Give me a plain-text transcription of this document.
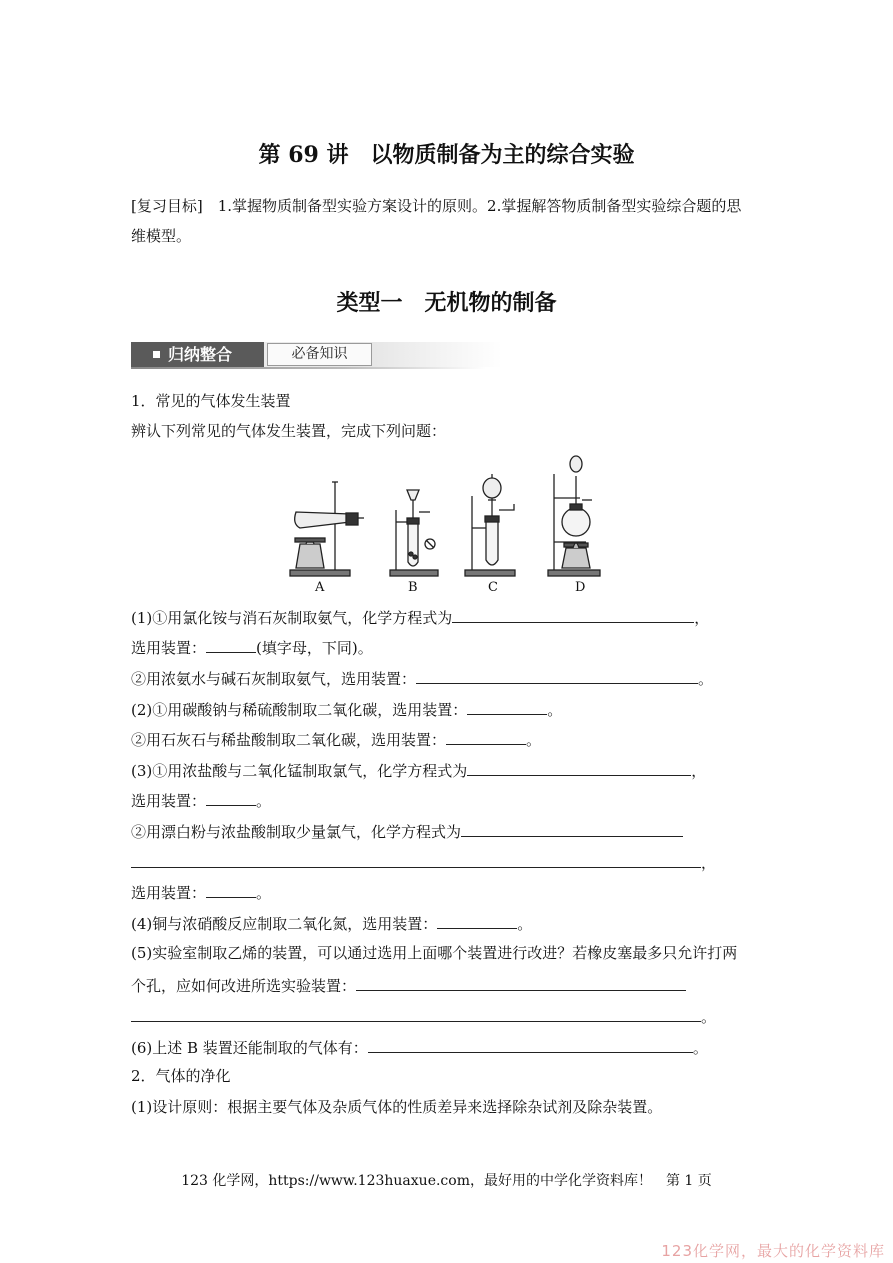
第 69 讲　以物质制备为主的综合实验
[复习目标]　1.掌握物质制备型实验方案设计的原则。2.掌握解答物质制备型实验综合题的思
维模型。
类型一　无机物的制备
归纳整合	必备知识
1．常见的气体发生装置
辨认下列常见的气体发生装置，完成下列问题：
A	B	C	D
(1)①用氯化铵与消石灰制取氨气，化学方程式为	，
选用装置：	(填字母，下同)。
②用浓氨水与碱石灰制取氨气，选用装置：	。
(2)①用碳酸钠与稀硫酸制取二氧化碳，选用装置：	。
②用石灰石与稀盐酸制取二氧化碳，选用装置：	。
(3)①用浓盐酸与二氧化锰制取氯气，化学方程式为	，
选用装置：	。
②用漂白粉与浓盐酸制取少量氯气，化学方程式为
，
选用装置：	。
(4)铜与浓硝酸反应制取二氧化氮，选用装置：	。
(5)实验室制取乙烯的装置，可以通过选用上面哪个装置进行改进？若橡皮塞最多只允许打两
个孔，应如何改进所选实验装置：
。
(6)上述 B 装置还能制取的气体有：	。
2．气体的净化
(1)设计原则：根据主要气体及杂质气体的性质差异来选择除杂试剂及除杂装置。
123 化学网，https://www.123huaxue.com，最好用的中学化学资料库！　第 1 页
123化学网，最大的化学资料库
